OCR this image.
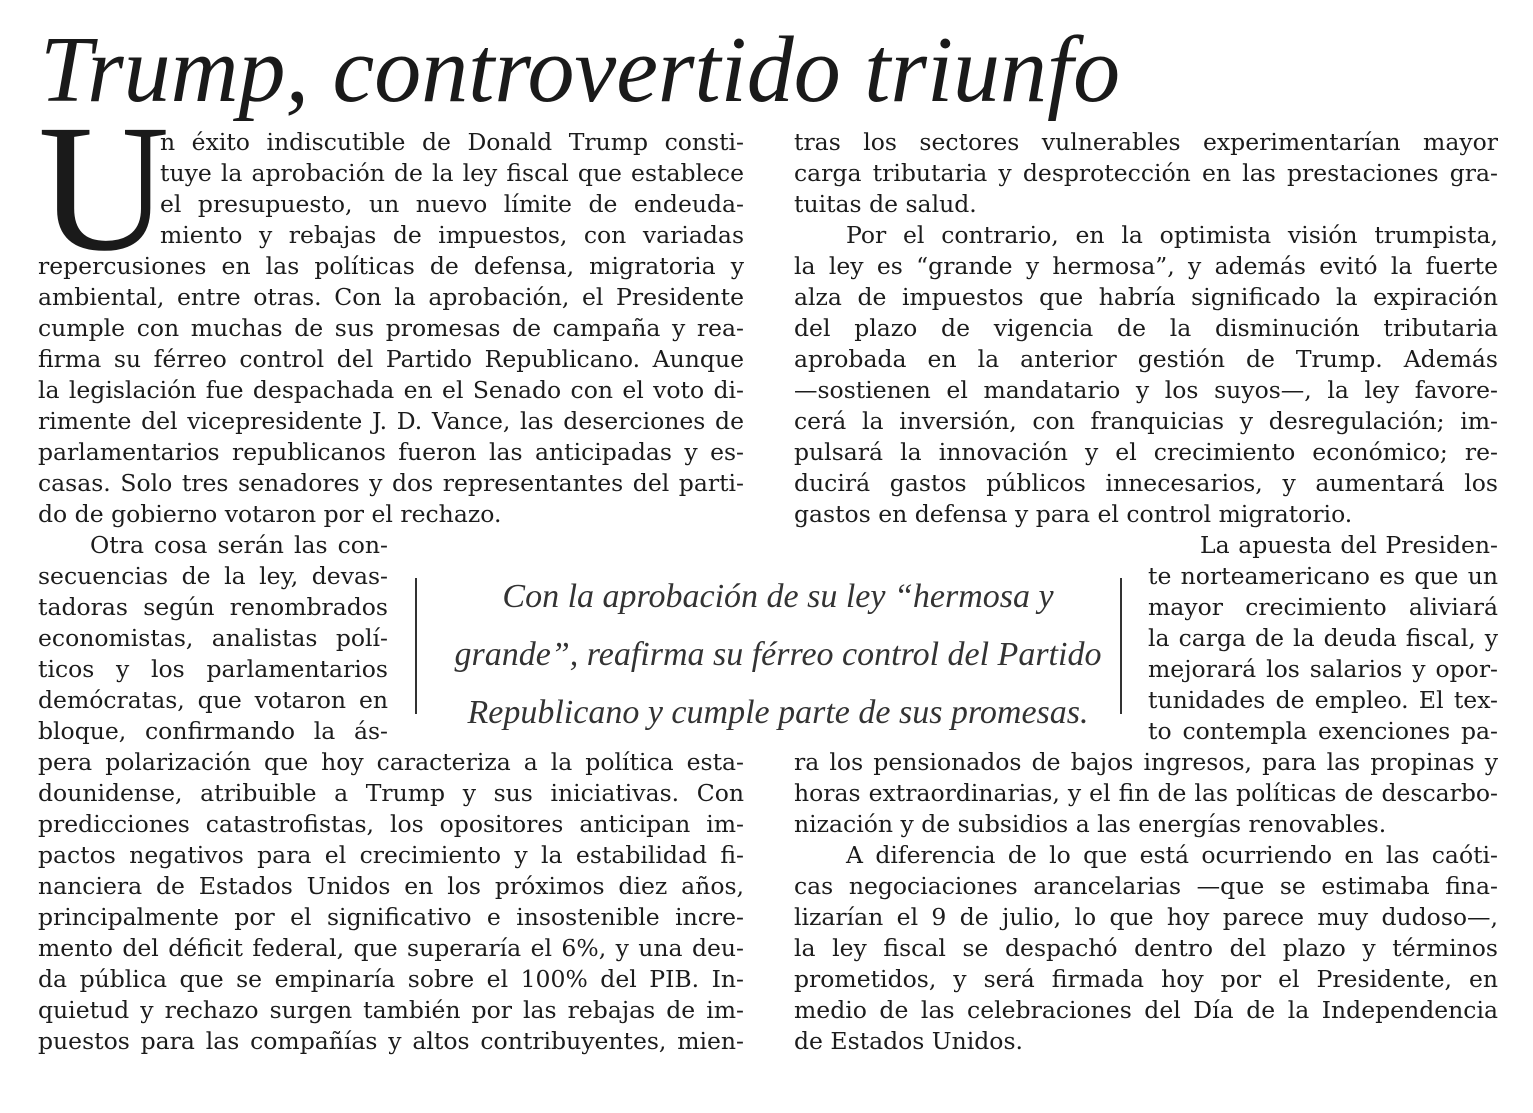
Trump, controvertido triunfo
U
n éxito indiscutible de Donald Trump consti-
tuye la aprobación de la ley fiscal que establece
el presupuesto, un nuevo límite de endeuda-
miento y rebajas de impuestos, con variadas
repercusiones en las políticas de defensa, migratoria y
ambiental, entre otras. Con la aprobación, el Presidente
cumple con muchas de sus promesas de campaña y rea-
firma su férreo control del Partido Republicano. Aunque
la legislación fue despachada en el Senado con el voto di-
rimente del vicepresidente J. D. Vance, las deserciones de
parlamentarios republicanos fueron las anticipadas y es-
casas. Solo tres senadores y dos representantes del parti-
do de gobierno votaron por el rechazo.
Otra cosa serán las con-
secuencias de la ley, devas-
tadoras según renombrados
economistas, analistas polí-
ticos y los parlamentarios
demócratas, que votaron en
bloque, confirmando la ás-
pera polarización que hoy caracteriza a la política esta-
dounidense, atribuible a Trump y sus iniciativas. Con
predicciones catastrofistas, los opositores anticipan im-
pactos negativos para el crecimiento y la estabilidad fi-
nanciera de Estados Unidos en los próximos diez años,
principalmente por el significativo e insostenible incre-
mento del déficit federal, que superaría el 6%, y una deu-
da pública que se empinaría sobre el 100% del PIB. In-
quietud y rechazo surgen también por las rebajas de im-
puestos para las compañías y altos contribuyentes, mien-
tras los sectores vulnerables experimentarían mayor
carga tributaria y desprotección en las prestaciones gra-
tuitas de salud.
Por el contrario, en la optimista visión trumpista,
la ley es “grande y hermosa”, y además evitó la fuerte
alza de impuestos que habría significado la expiración
del plazo de vigencia de la disminución tributaria
aprobada en la anterior gestión de Trump. Además
—sostienen el mandatario y los suyos—, la ley favore-
cerá la inversión, con franquicias y desregulación; im-
pulsará la innovación y el crecimiento económico; re-
ducirá gastos públicos innecesarios, y aumentará los
gastos en defensa y para el control migratorio.
La apuesta del Presiden-
te norteamericano es que un
mayor crecimiento aliviará
la carga de la deuda fiscal, y
mejorará los salarios y opor-
tunidades de empleo. El tex-
to contempla exenciones pa-
ra los pensionados de bajos ingresos, para las propinas y
horas extraordinarias, y el fin de las políticas de descarbo-
nización y de subsidios a las energías renovables.
A diferencia de lo que está ocurriendo en las caóti-
cas negociaciones arancelarias —que se estimaba fina-
lizarían el 9 de julio, lo que hoy parece muy dudoso—,
la ley fiscal se despachó dentro del plazo y términos
prometidos, y será firmada hoy por el Presidente, en
medio de las celebraciones del Día de la Independencia
de Estados Unidos.
Con la aprobación de su ley “hermosa y
grande”, reafirma su férreo control del Partido
Republicano y cumple parte de sus promesas.
